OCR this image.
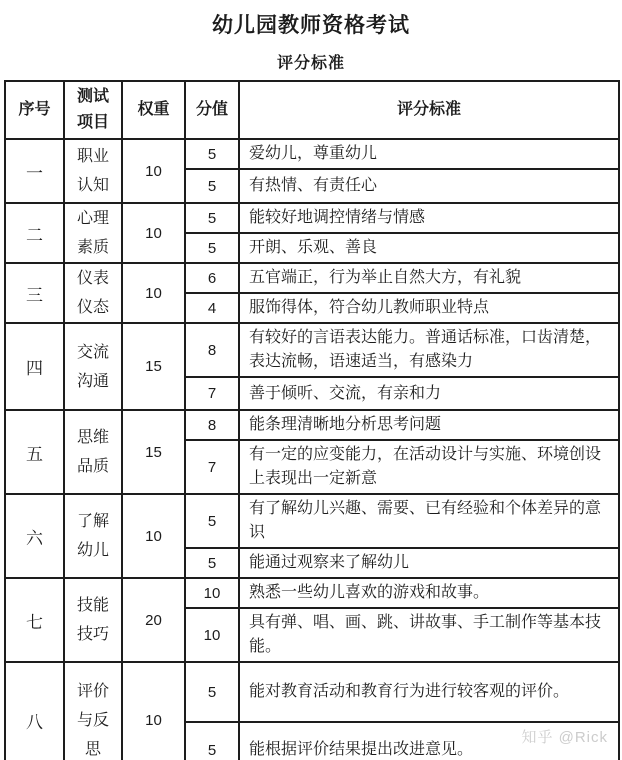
幼儿园教师资格考试
评分标准
序号	测试项目	权重	分值	评分标准
一	职业认知	10	5	爱幼儿，尊重幼儿
			5	有热情、有责任心
二	心理素质	10	5	能较好地调控情绪与情感
			5	开朗、乐观、善良
三	仪表仪态	10	6	五官端正，行为举止自然大方，有礼貌
			4	服饰得体，符合幼儿教师职业特点
四	交流沟通	15	8	有较好的言语表达能力。普通话标准，口齿清楚，表达流畅，语速适当，有感染力
			7	善于倾听、交流，有亲和力
五	思维品质	15	8	能条理清晰地分析思考问题
			7	有一定的应变能力，在活动设计与实施、环境创设上表现出一定新意
六	了解幼儿	10	5	有了解幼儿兴趣、需要、已有经验和个体差异的意识
			5	能通过观察来了解幼儿
七	技能技巧	20	10	熟悉一些幼儿喜欢的游戏和故事。
			10	具有弹、唱、画、跳、讲故事、手工制作等基本技能。
八	评价与反思	10	5	能对教育活动和教育行为进行较客观的评价。
			5	能根据评价结果提出改进意见。
知乎 @Rick
